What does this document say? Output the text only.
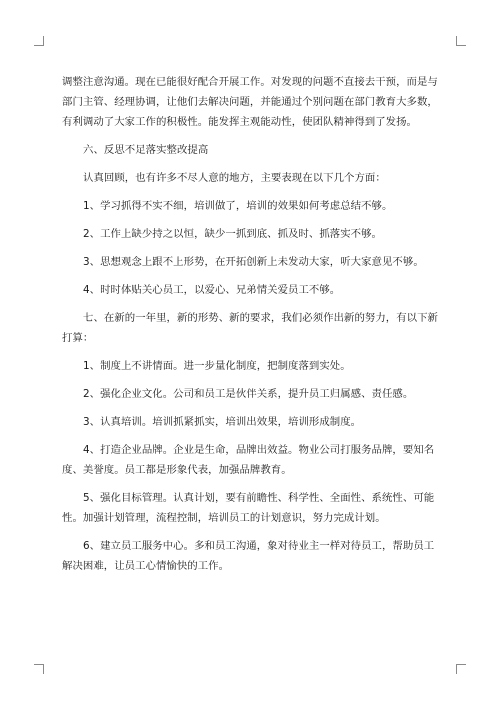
调整注意沟通。现在已能很好配合开展工作。对发现的问题不直接去干预，而是与部门主管、经理协调，让他们去解决问题，并能通过个别问题在部门教育大多数，有利调动了大家工作的积极性。能发挥主观能动性，使团队精神得到了发扬。

六、反思不足落实整改提高

认真回顾，也有许多不尽人意的地方，主要表现在以下几个方面：

1、学习抓得不实不细，培训做了，培训的效果如何考虑总结不够。

2、工作上缺少持之以恒，缺少一抓到底、抓及时、抓落实不够。

3、思想观念上跟不上形势，在开拓创新上未发动大家，听大家意见不够。

4、时时体贴关心员工，以爱心、兄弟情关爱员工不够。

七、在新的一年里，新的形势、新的要求，我们必须作出新的努力，有以下新打算：

1、制度上不讲情面。进一步量化制度，把制度落到实处。

2、强化企业文化。公司和员工是伙伴关系，提升员工归属感、责任感。

3、认真培训。培训抓紧抓实，培训出效果，培训形成制度。

4、打造企业品牌。企业是生命，品牌出效益。物业公司打服务品牌，要知名度、美誉度。员工都是形象代表，加强品牌教育。

5、强化目标管理。认真计划，要有前瞻性、科学性、全面性、系统性、可能性。加强计划管理，流程控制，培训员工的计划意识，努力完成计划。

6、建立员工服务中心。多和员工沟通，象对待业主一样对待员工，帮助员工解决困难，让员工心情愉快的工作。
